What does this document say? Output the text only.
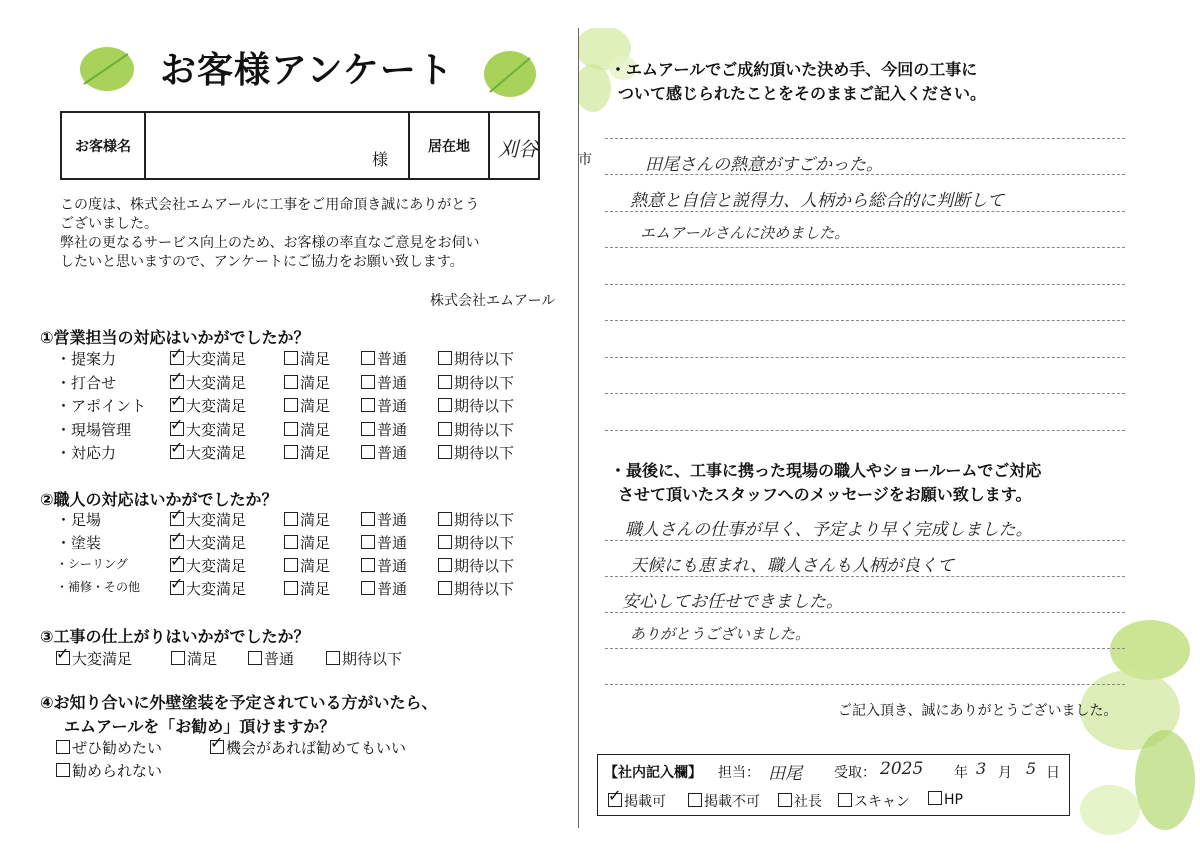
お客様アンケート
お客様名
様
居在地	刈谷	市
この度は、株式会社エムアールに工事をご用命頂き誠にありがとう
ございました。
弊社の更なるサービス向上のため、お客様の率直なご意見をお伺い
したいと思いますので、アンケートにご協力をお願い致します。
株式会社エムアール
①営業担当の対応はいかがでしたか？
・提案力 ✓	大変満足	満足	普通	期待以下
・打合せ ✓	大変満足	満足	普通	期待以下
・アポイント ✓	大変満足	満足	普通	期待以下
・現場管理 ✓	大変満足	満足	普通	期待以下
・対応力 ✓	大変満足	満足	普通	期待以下
②職人の対応はいかがでしたか？
・足場 ✓	大変満足	満足	普通	期待以下
・塗装 ✓	大変満足	満足	普通	期待以下
・シーリング ✓	大変満足	満足	普通	期待以下
・補修・その他 ✓	大変満足	満足	普通	期待以下
③工事の仕上がりはいかがでしたか？
✓大変満足	満足	普通	期待以下
④お知り合いに外壁塗装を予定されている方がいたら、
エムアールを「お勧め」頂けますか？
ぜひ勧めたい ✓	機会があれば勧めてもいい
勧められない
・エムアールでご成約頂いた決め手、今回の工事に
ついて感じられたことをそのままご記入ください。
田尾さんの熱意がすごかった。
熱意と自信と説得力、人柄から総合的に判断して
エムアールさんに決めました。
・最後に、工事に携った現場の職人やショールームでご対応
させて頂いたスタッフへのメッセージをお願い致します。
職人さんの仕事が早く、予定より早く完成しました。
天候にも恵まれ、職人さんも人柄が良くて
安心してお任せできました。
ありがとうございました。
ご記入頂き、誠にありがとうございました。
【社内記入欄】 担当： 田尾 受取： 2025 年 3 月 5 日
✓掲載可	掲載不可	社長	スキャン	HP
